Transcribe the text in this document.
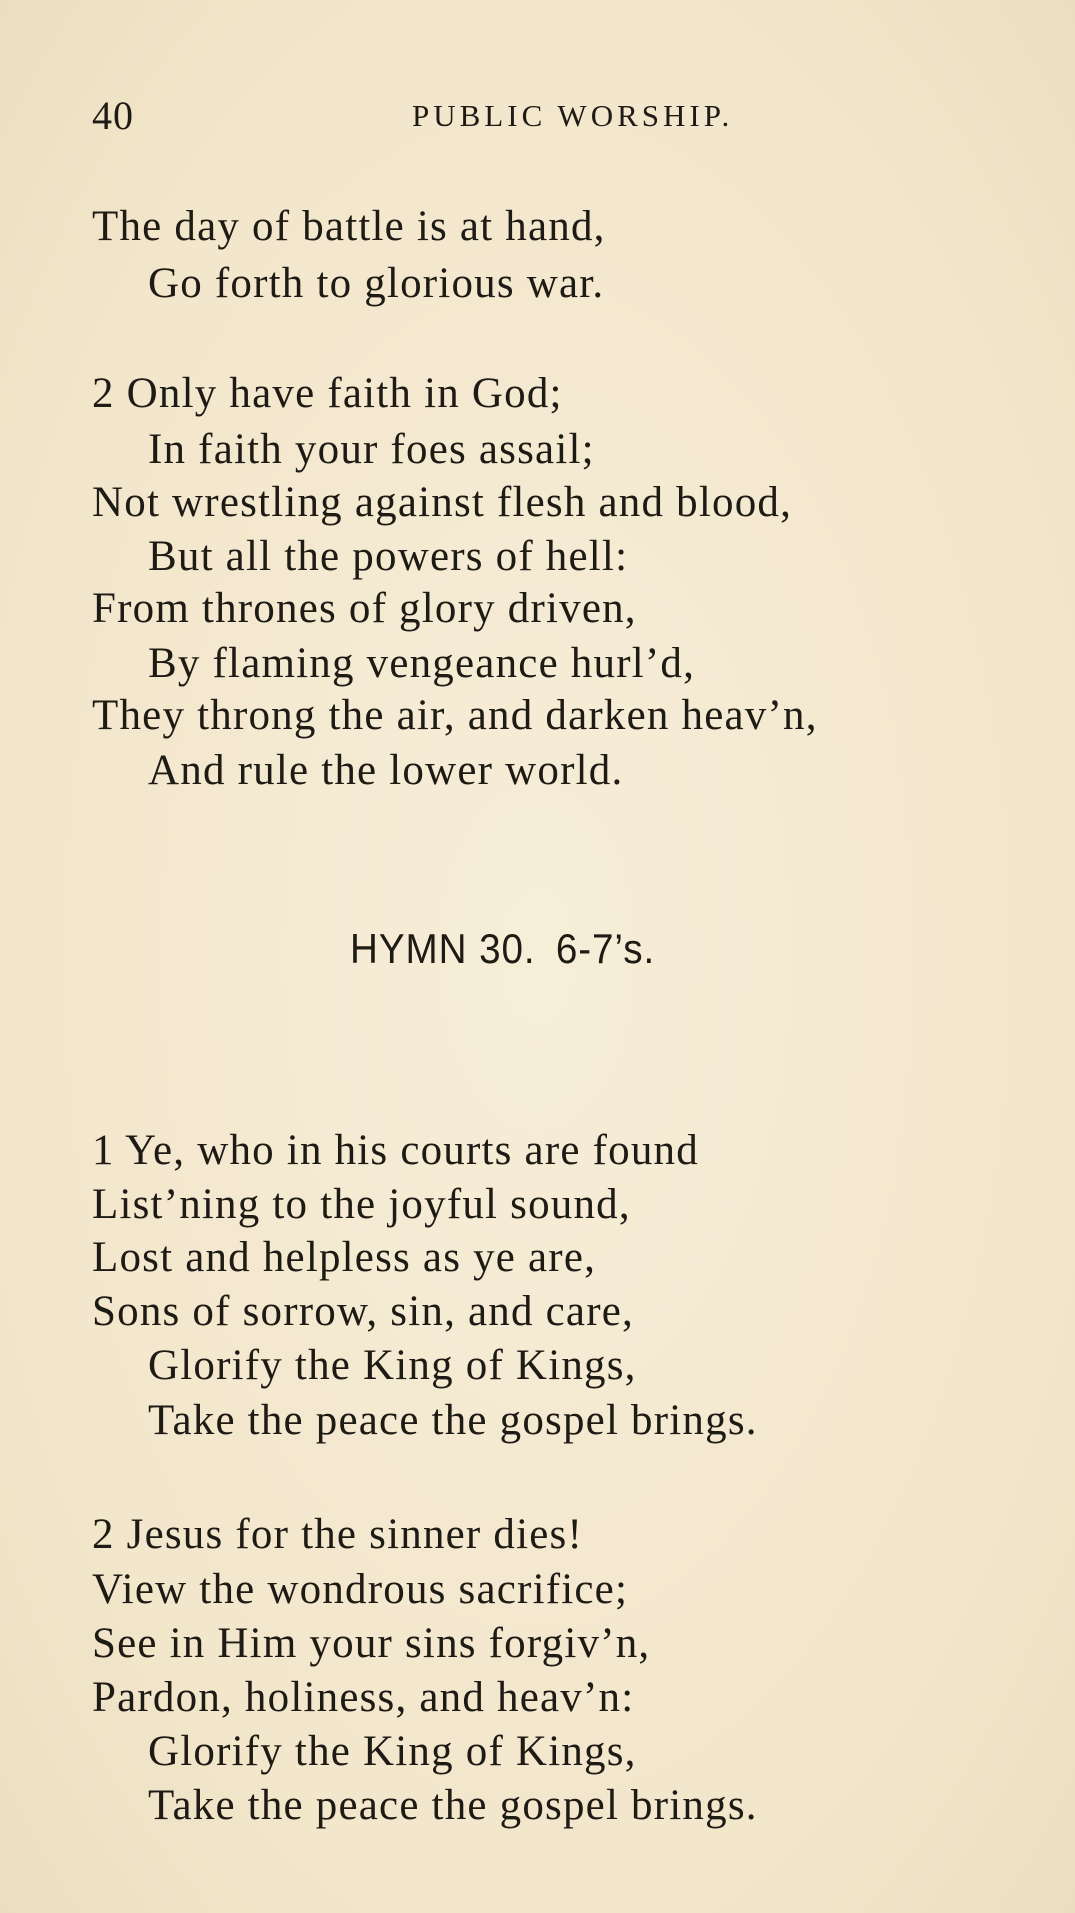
40	PUBLIC WORSHIP.
The day of battle is at hand,
Go forth to glorious war.
2 Only have faith in God;
In faith your foes assail;
Not wrestling against flesh and blood,
But all the powers of hell:
From thrones of glory driven,
By flaming vengeance hurl’d,
They throng the air, and darken heav’n,
And rule the lower world.
HYMN 30. 6-7’s.
1 Ye, who in his courts are found
List’ning to the joyful sound,
Lost and helpless as ye are,
Sons of sorrow, sin, and care,
Glorify the King of Kings,
Take the peace the gospel brings.
2 Jesus for the sinner dies!
View the wondrous sacrifice;
See in Him your sins forgiv’n,
Pardon, holiness, and heav’n:
Glorify the King of Kings,
Take the peace the gospel brings.
